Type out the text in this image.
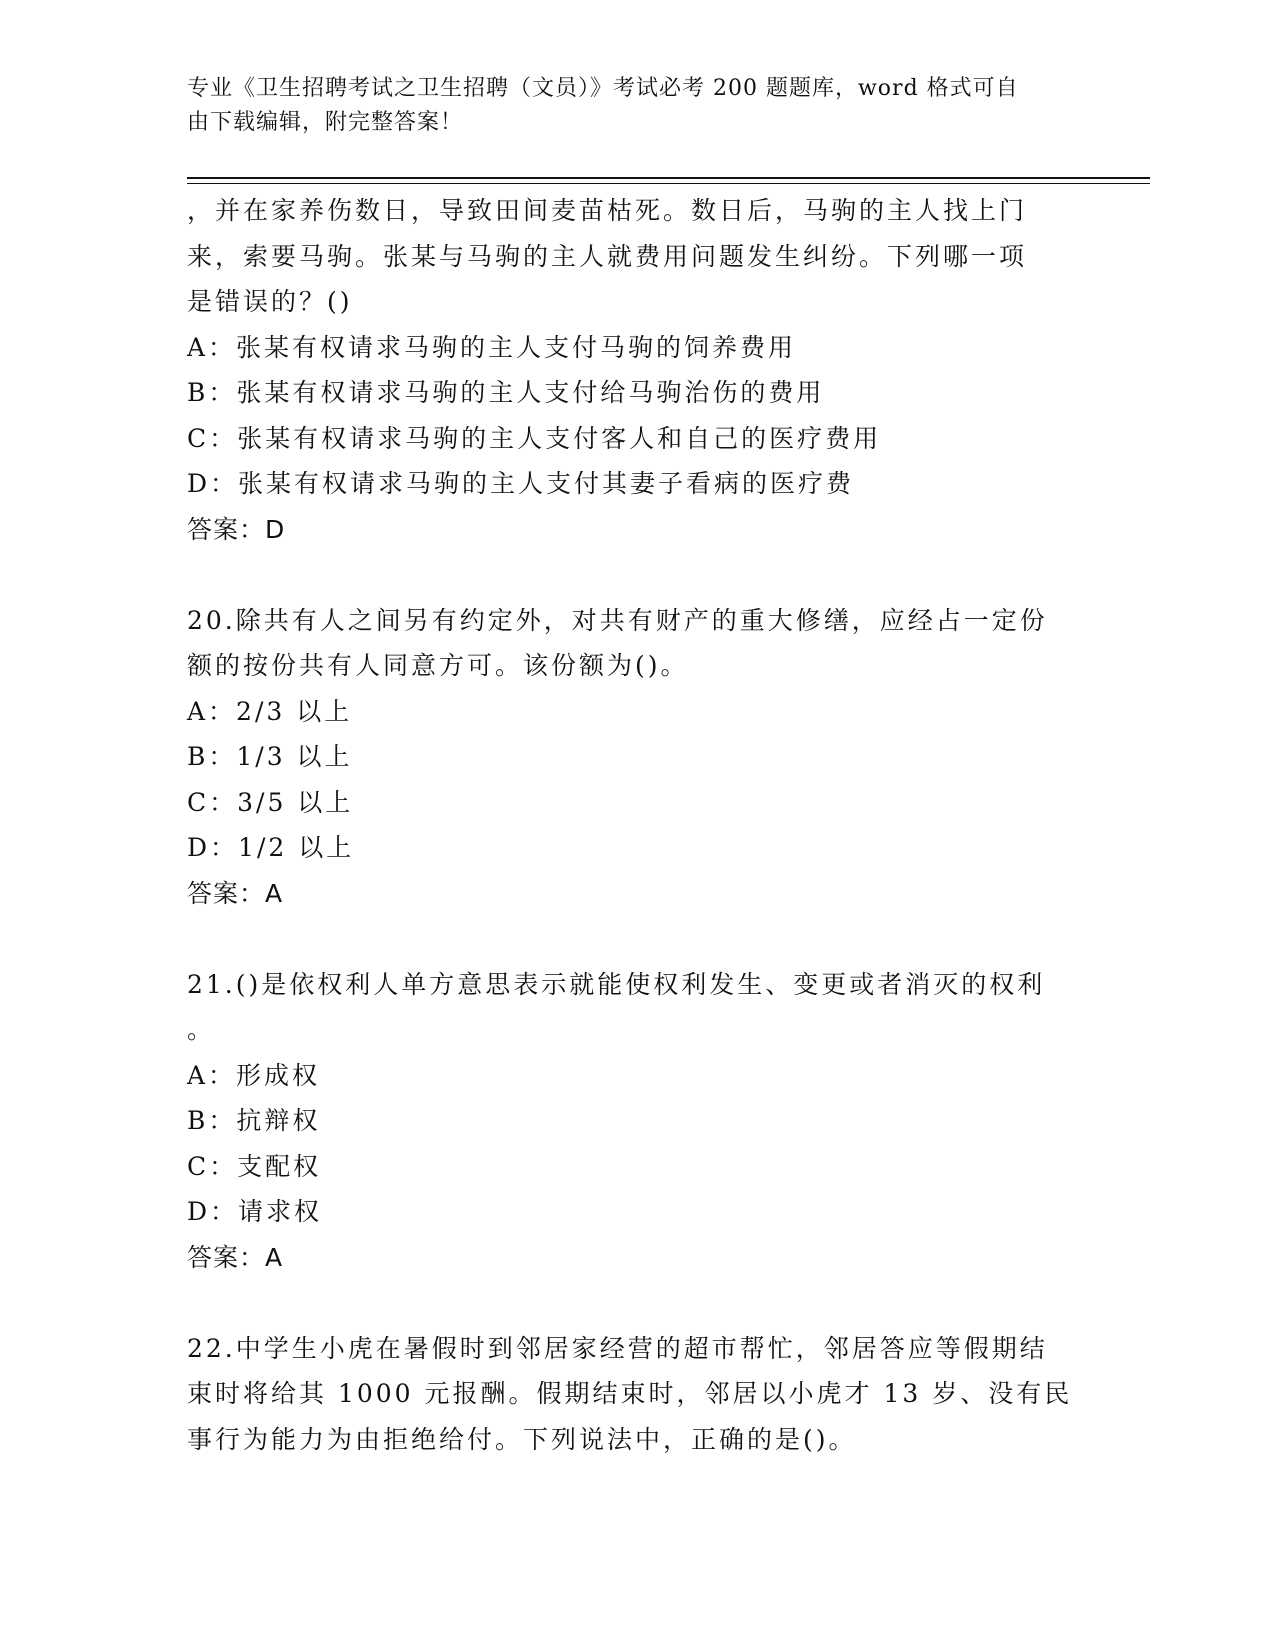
专业《卫生招聘考试之卫生招聘（文员）》考试必考 200 题题库，word 格式可自
由下载编辑，附完整答案！
，并在家养伤数日，导致田间麦苗枯死。数日后，马驹的主人找上门
来，索要马驹。张某与马驹的主人就费用问题发生纠纷。下列哪一项
是错误的？()
A：张某有权请求马驹的主人支付马驹的饲养费用
B：张某有权请求马驹的主人支付给马驹治伤的费用
C：张某有权请求马驹的主人支付客人和自己的医疗费用
D：张某有权请求马驹的主人支付其妻子看病的医疗费
答案：D
20.除共有人之间另有约定外，对共有财产的重大修缮，应经占一定份
额的按份共有人同意方可。该份额为()。
A：2/3 以上
B：1/3 以上
C：3/5 以上
D：1/2 以上
答案：A
21.()是依权利人单方意思表示就能使权利发生、变更或者消灭的权利
。
A：形成权
B：抗辩权
C：支配权
D：请求权
答案：A
22.中学生小虎在暑假时到邻居家经营的超市帮忙，邻居答应等假期结
束时将给其 1000 元报酬。假期结束时，邻居以小虎才 13 岁、没有民
事行为能力为由拒绝给付。下列说法中，正确的是()。
